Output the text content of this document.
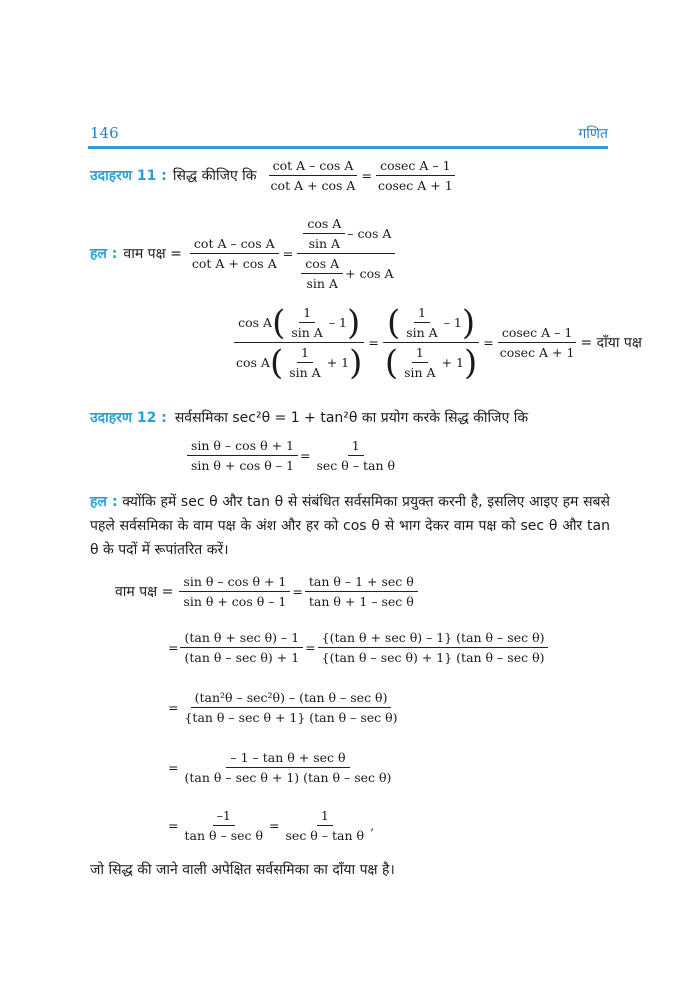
146	गणित
उदाहरण 11 : सिद्ध कीजिए कि $\frac{\text{cot A – cos A}}{\text{cot A + cos A}} = \frac{\text{cosec A – 1}}{\text{cosec A + 1}}$
हल : वाम पक्ष = $\frac{\text{cot A – cos A}}{\text{cot A + cos A}} = \frac{\frac{\text{cos A}}{\text{sin A}} - \cos A}{\frac{\text{cos A}}{\text{sin A}} + \cos A}$
cos A ( $\frac{1}{\text{sin A}} - 1$ )
cos A ( $\frac{1}{\text{sin A}} + 1$ ) = $\frac{( \frac{1}{\text{sin A}} - 1 )}{( \frac{1}{\text{sin A}} + 1 )} = \frac{\text{cosec A – 1}}{\text{cosec A + 1}}$ = दाँया पक्ष
उदाहरण 12 : सर्वसमिका sec²θ = 1 + tan²θ का प्रयोग करके सिद्ध कीजिए कि
$\frac{\text{sin θ – cos θ + 1}}{\text{sin θ + cos θ – 1}} = \frac{1}{\text{sec θ – tan θ}}$
हल : क्योंकि हमें sec θ और tan θ से संबंधित सर्वसमिका प्रयुक्त करनी है, इसलिए आइए हम सबसे पहले सर्वसमिका के वाम पक्ष के अंश और हर को cos θ से भाग देकर वाम पक्ष को sec θ और tan θ के पदों में रूपांतरित करें।
वाम पक्ष = $\frac{\text{sin θ – cos θ + 1}}{\text{sin θ + cos θ – 1}} = \frac{\text{tan θ – 1 + sec θ}}{\text{tan θ + 1 – sec θ}}$
= $\frac{\text{(tan θ + sec θ) – 1}}{\text{(tan θ – sec θ) + 1}} = \frac{\text{\{(tan θ + sec θ) – 1\} (tan θ – sec θ)}}{\text{\{(tan θ – sec θ) + 1\} (tan θ – sec θ)}}$
= $\frac{\text{(tan²θ – sec²θ) – (tan θ – sec θ)}}{\text{\{tan θ – sec θ + 1\} (tan θ – sec θ)}}$
= $\frac{\text{– 1 – tan θ + sec θ}}{\text{(tan θ – sec θ + 1) (tan θ – sec θ)}}$
= $\frac{-1}{\text{tan θ – sec θ}} = \frac{1}{\text{sec θ – tan θ}}$ ,
जो सिद्ध की जाने वाली अपेक्षित सर्वसमिका का दाँया पक्ष है।
